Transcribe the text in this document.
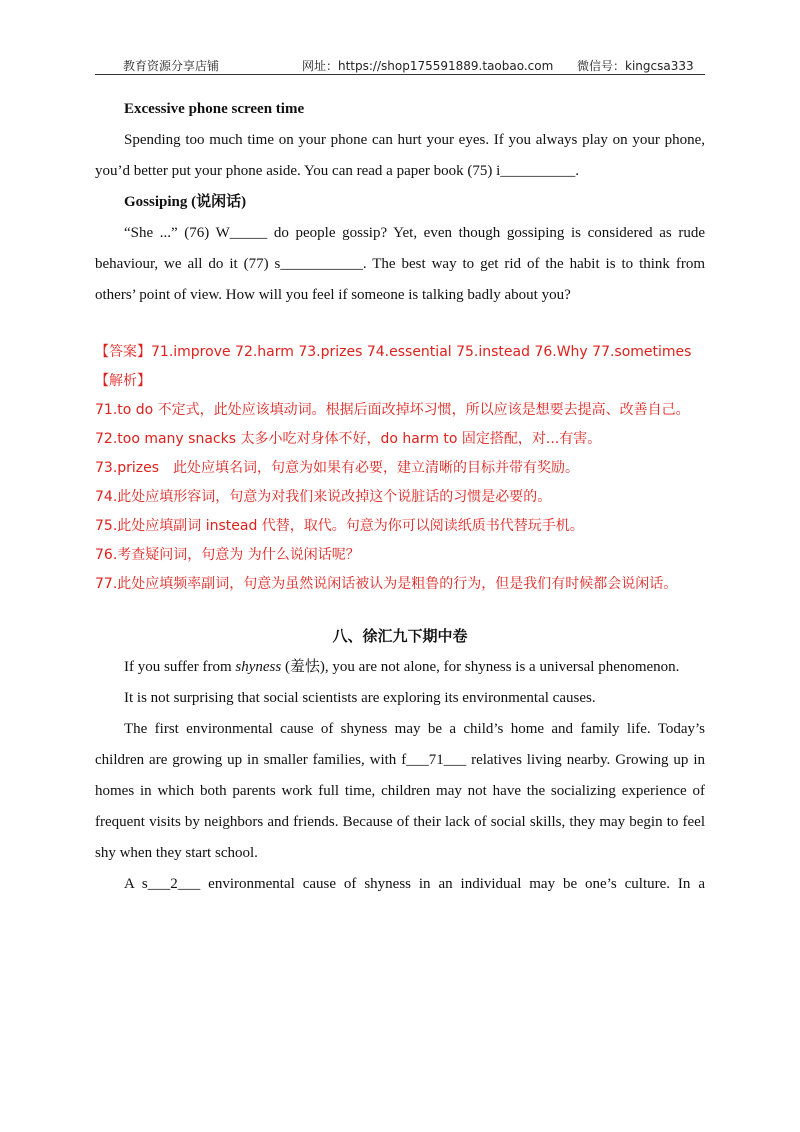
教育资源分享店铺	网址：https://shop175591889.taobao.com 微信号：kingcsa333

Excessive phone screen time

Spending too much time on your phone can hurt your eyes. If you always play on your phone, you’d better put your phone aside. You can read a paper book (75) i__________.

Gossiping (说闲话)

“She ...” (76) W_____ do people gossip? Yet, even though gossiping is considered as rude behaviour, we all do it (77) s___________. The best way to get rid of the habit is to think from others’ point of view. How will you feel if someone is talking badly about you?

【答案】71.improve 72.harm 73.prizes 74.essential 75.instead 76.Why 77.sometimes

【解析】

71.to do 不定式，此处应该填动词。根据后面改掉坏习惯，所以应该是想要去提高、改善自己。

72.too many snacks 太多小吃对身体不好，do harm to 固定搭配，对...有害。

73.prizes　此处应填名词，句意为如果有必要，建立清晰的目标并带有奖励。

74.此处应填形容词，句意为对我们来说改掉这个说脏话的习惯是必要的。

75.此处应填副词 instead 代替，取代。句意为你可以阅读纸质书代替玩手机。

76.考查疑问词，句意为 为什么说闲话呢？

77.此处应填频率副词，句意为虽然说闲话被认为是粗鲁的行为，但是我们有时候都会说闲话。

八、徐汇九下期中卷

If you suffer from shyness (羞怯), you are not alone, for shyness is a universal phenomenon.

It is not surprising that social scientists are exploring its environmental causes.

The first environmental cause of shyness may be a child’s home and family life. Today’s children are growing up in smaller families, with f___71___ relatives living nearby. Growing up in homes in which both parents work full time, children may not have the socializing experience of frequent visits by neighbors and friends. Because of their lack of social skills, they may begin to feel shy when they start school.

A s___2___ environmental cause of shyness in an individual may be one’s culture. In a
